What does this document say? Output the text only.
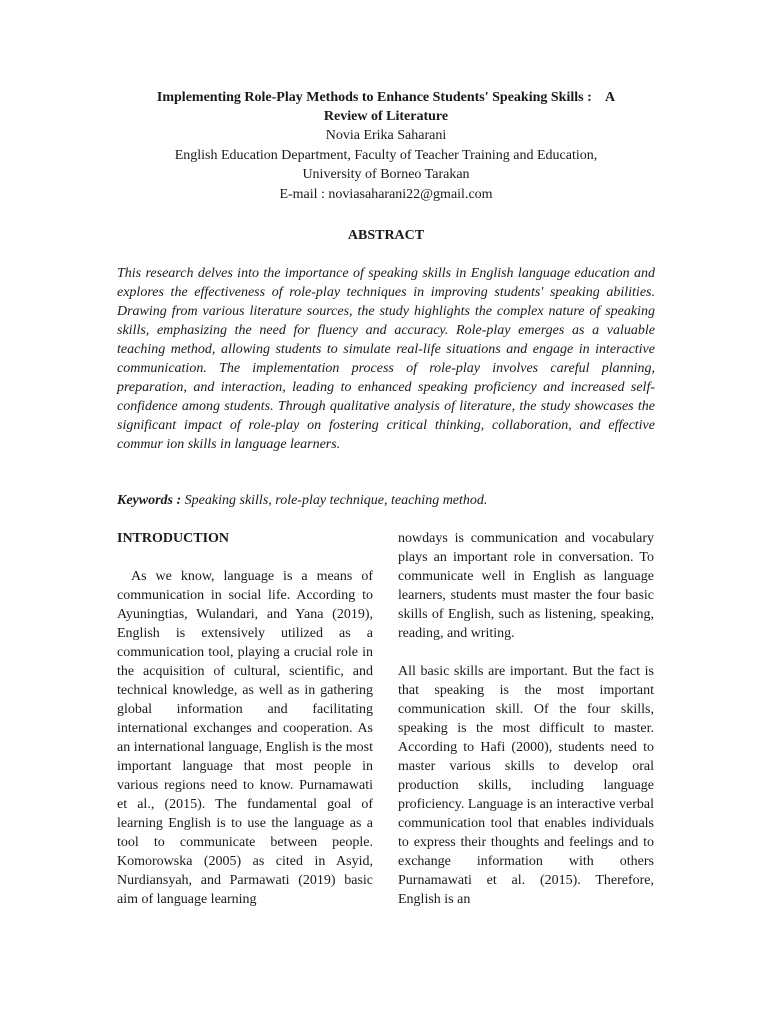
Implementing Role-Play Methods to Enhance Students' Speaking Skills :    A
Review of Literature
Novia Erika Saharani
English Education Department, Faculty of Teacher Training and Education,
University of Borneo Tarakan
E-mail : noviasaharani22@gmail.com
ABSTRACT

This research delves into the importance of speaking skills in English language education and explores the effectiveness of role-play techniques in improving students' speaking abilities. Drawing from various literature sources, the study highlights the complex nature of speaking skills, emphasizing the need for fluency and accuracy. Role-play emerges as a valuable teaching method, allowing students to simulate real-life situations and engage in interactive communication. The implementation process of role-play involves careful planning, preparation, and interaction, leading to enhanced speaking proficiency and increased self-confidence among students. Through qualitative analysis of literature, the study showcases the significant impact of role-play on fostering critical thinking, collaboration, and effective commur ion skills in language learners.

Keywords : Speaking skills, role-play technique, teaching method.
INTRODUCTION

As we know, language is a means of communication in social life. According to Ayuningtias, Wulandari, and Yana (2019), English is extensively utilized as a communication tool, playing a crucial role in the acquisition of cultural, scientific, and technical knowledge, as well as in gathering global information and facilitating international exchanges and cooperation. As an international language, English is the most important language that most people in various regions need to know. Purnamawati et al., (2015). The fundamental goal of learning English is to use the language as a tool to communicate between people. Komorowska (2005) as cited in Asyid, Nurdiansyah, and Parmawati (2019) basic aim of language learning

nowdays is communication and vocabulary plays an important role in conversation. To communicate well in English as language learners, students must master the four basic skills of English, such as listening, speaking, reading, and writing.

All basic skills are important. But the fact is that speaking is the most important communication skill. Of the four skills, speaking is the most difficult to master. According to Hafi (2000), students need to master various skills to develop oral production skills, including language proficiency. Language is an interactive verbal communication tool that enables individuals to express their thoughts and feelings and to exchange information with others Purnamawati et al. (2015). Therefore, English is an
